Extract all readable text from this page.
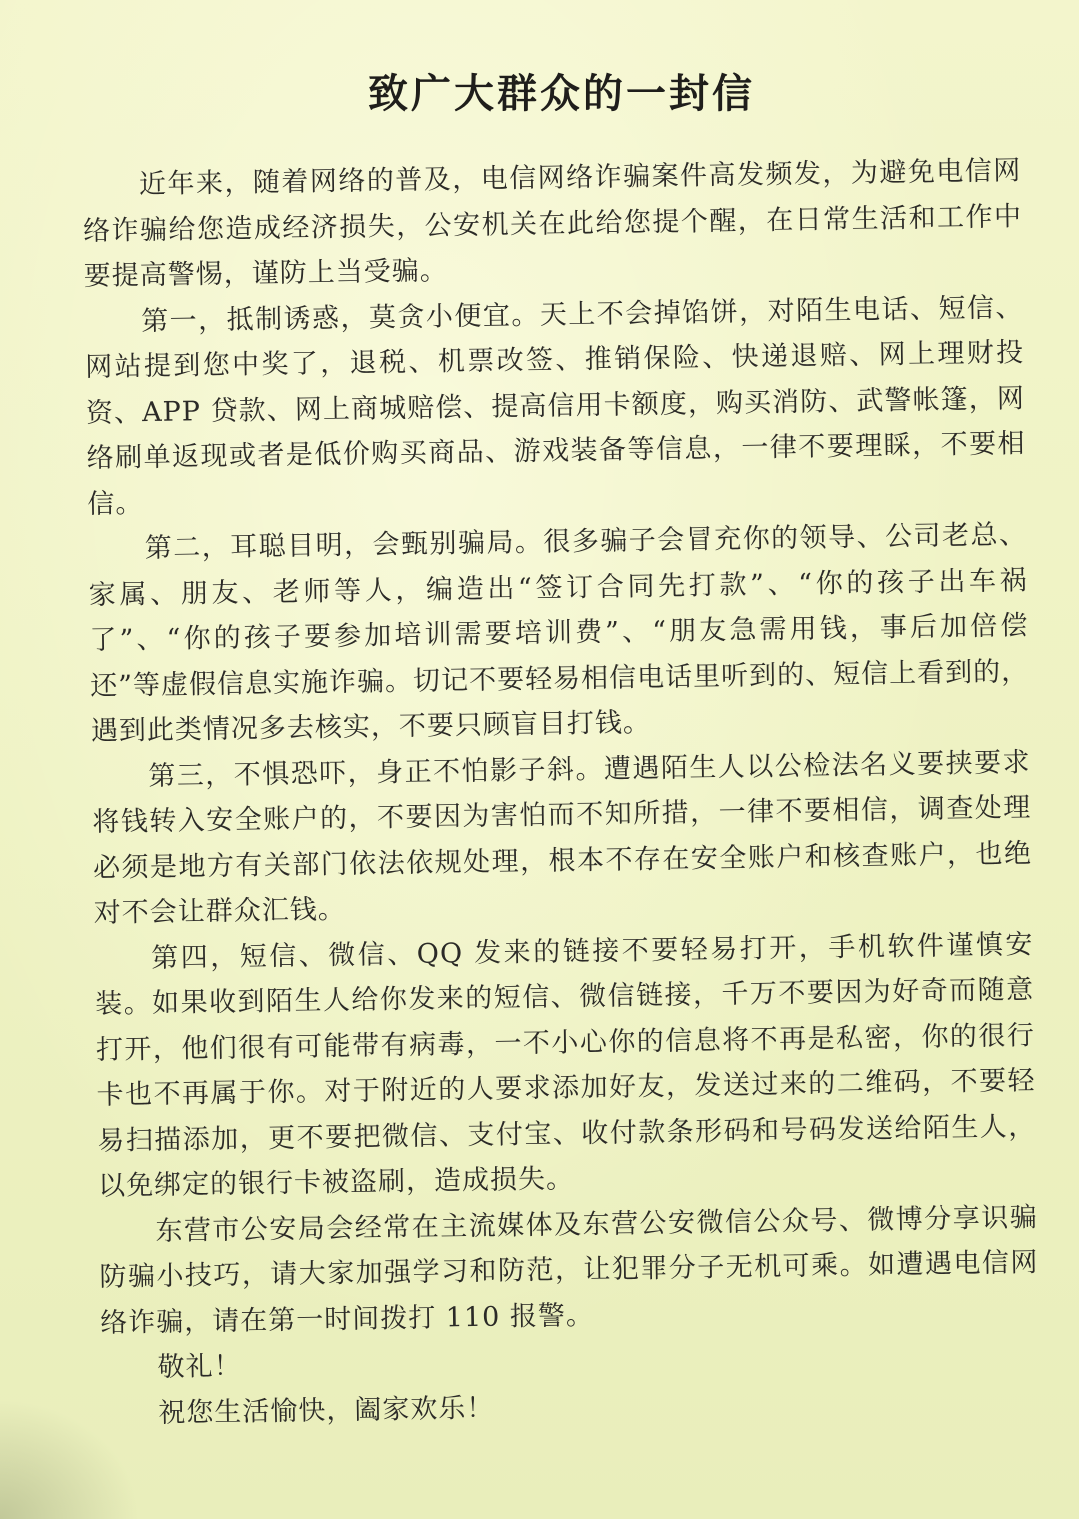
致广大群众的一封信

近年来，随着网络的普及，电信网络诈骗案件高发频发，为避免电信网络诈骗给您造成经济损失，公安机关在此给您提个醒，在日常生活和工作中要提高警惕，谨防上当受骗。

第一，抵制诱惑，莫贪小便宜。天上不会掉馅饼，对陌生电话、短信、网站提到您中奖了，退税、机票改签、推销保险、快递退赔、网上理财投资、APP 贷款、网上商城赔偿、提高信用卡额度，购买消防、武警帐篷，网络刷单返现或者是低价购买商品、游戏装备等信息，一律不要理睬，不要相信。

第二，耳聪目明，会甄别骗局。很多骗子会冒充你的领导、公司老总、家属、朋友、老师等人，编造出“签订合同先打款”、“你的孩子出车祸了”、“你的孩子要参加培训需要培训费”、“朋友急需用钱，事后加倍偿还”等虚假信息实施诈骗。切记不要轻易相信电话里听到的、短信上看到的，遇到此类情况多去核实，不要只顾盲目打钱。

第三，不惧恐吓，身正不怕影子斜。遭遇陌生人以公检法名义要挟要求将钱转入安全账户的，不要因为害怕而不知所措，一律不要相信，调查处理必须是地方有关部门依法依规处理，根本不存在安全账户和核查账户，也绝对不会让群众汇钱。

第四，短信、微信、QQ 发来的链接不要轻易打开，手机软件谨慎安装。如果收到陌生人给你发来的短信、微信链接，千万不要因为好奇而随意打开，他们很有可能带有病毒，一不小心你的信息将不再是私密，你的很行卡也不再属于你。对于附近的人要求添加好友，发送过来的二维码，不要轻易扫描添加，更不要把微信、支付宝、收付款条形码和号码发送给陌生人，以免绑定的银行卡被盗刷，造成损失。

东营市公安局会经常在主流媒体及东营公安微信公众号、微博分享识骗防骗小技巧，请大家加强学习和防范，让犯罪分子无机可乘。如遭遇电信网络诈骗，请在第一时间拨打 110 报警。

敬礼！

祝您生活愉快，阖家欢乐！
